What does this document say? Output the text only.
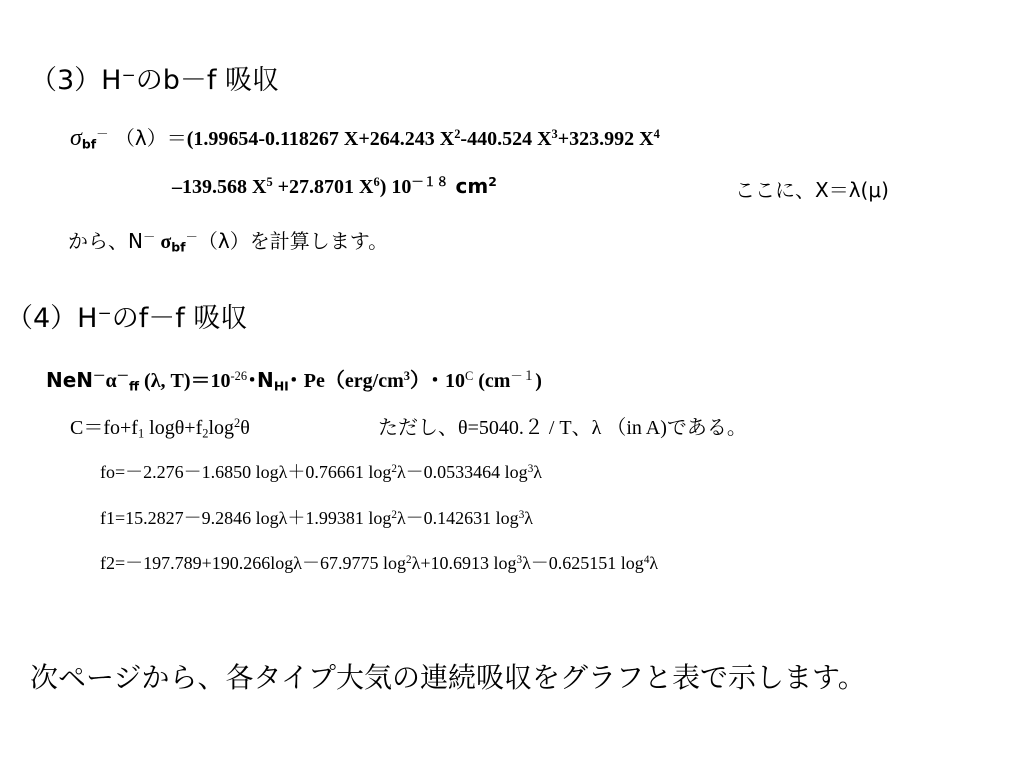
（3）H⁻のb－f 吸収
$\sigma_{bf}^-$ （λ）＝(1.99654-0.118267 X+264.243 $X^2-440.524$ $X^3+323.992$ $X^4$
–139.568 $X^5 +27.8701$ $X^6$) $10^{-18}$ $cm^2$	ここに、X＝λ(μ)
から、N－ $\sigma_{bf}^-(\lambda)$を計算します。
（4）H⁻のf－f 吸収
$NeN^-\alpha^-_{ff}$ (λ, $T)=10^{-26}$･$N_{HI}$･ $Pe(erg/cm^3)$･ $10^C$ $(cm^{-1})$
$C=fo+f_1$ $\log\theta+f_2\log^2\theta$	ただし、θ=5040.２ / T、λ （in A)である。
fo=－2.276－1.6850 logλ＋0.76661 $\log^2\lambda-0.0533464$ $\log^3\lambda$
f1=15.2827－9.2846 logλ＋1.99381 $\log^2\lambda-0.142631$ $\log^3\lambda$
f2=－197.789+190.266logλ－67.9775 $\log^2\lambda+10.6913$ $\log^3\lambda-0.625151$ $\log^4\lambda$
次ページから、各タイプ大気の連続吸収をグラフと表で示します。
